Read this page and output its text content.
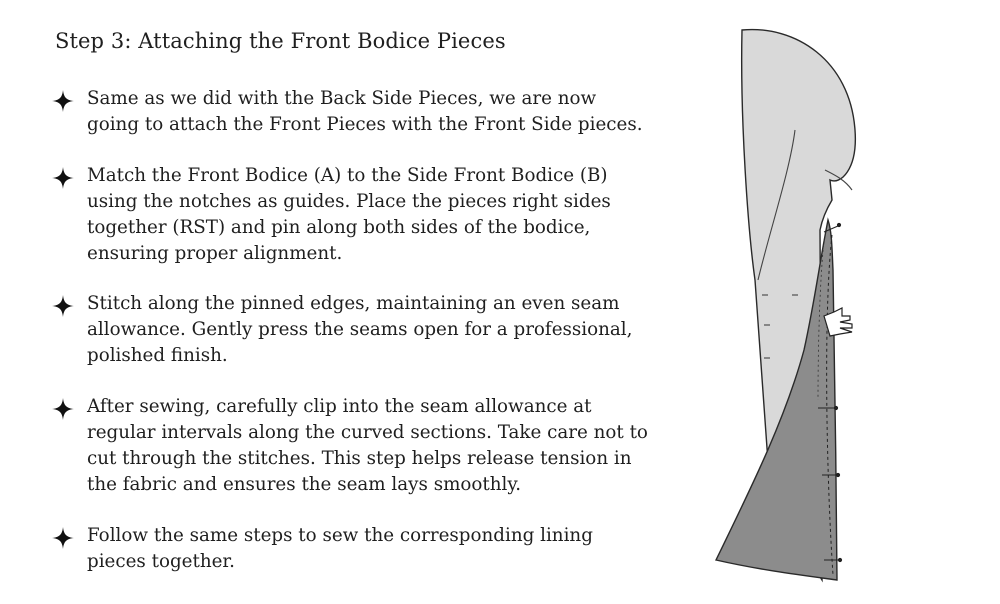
Step 3: Attaching the Front Bodice Pieces
Same as we did with the Back Side Pieces, we are now going to attach the Front Pieces with the Front Side pieces.
Match the Front Bodice (A) to the Side Front Bodice (B) using the notches as guides. Place the pieces right sides together (RST) and pin along both sides of the bodice, ensuring proper alignment.
Stitch along the pinned edges, maintaining an even seam allowance. Gently press the seams open for a professional, polished finish.
After sewing, carefully clip into the seam allowance at regular intervals along the curved sections. Take care not to cut through the stitches. This step helps release tension in the fabric and ensures the seam lays smoothly.
Follow the same steps to sew the corresponding lining pieces together.
